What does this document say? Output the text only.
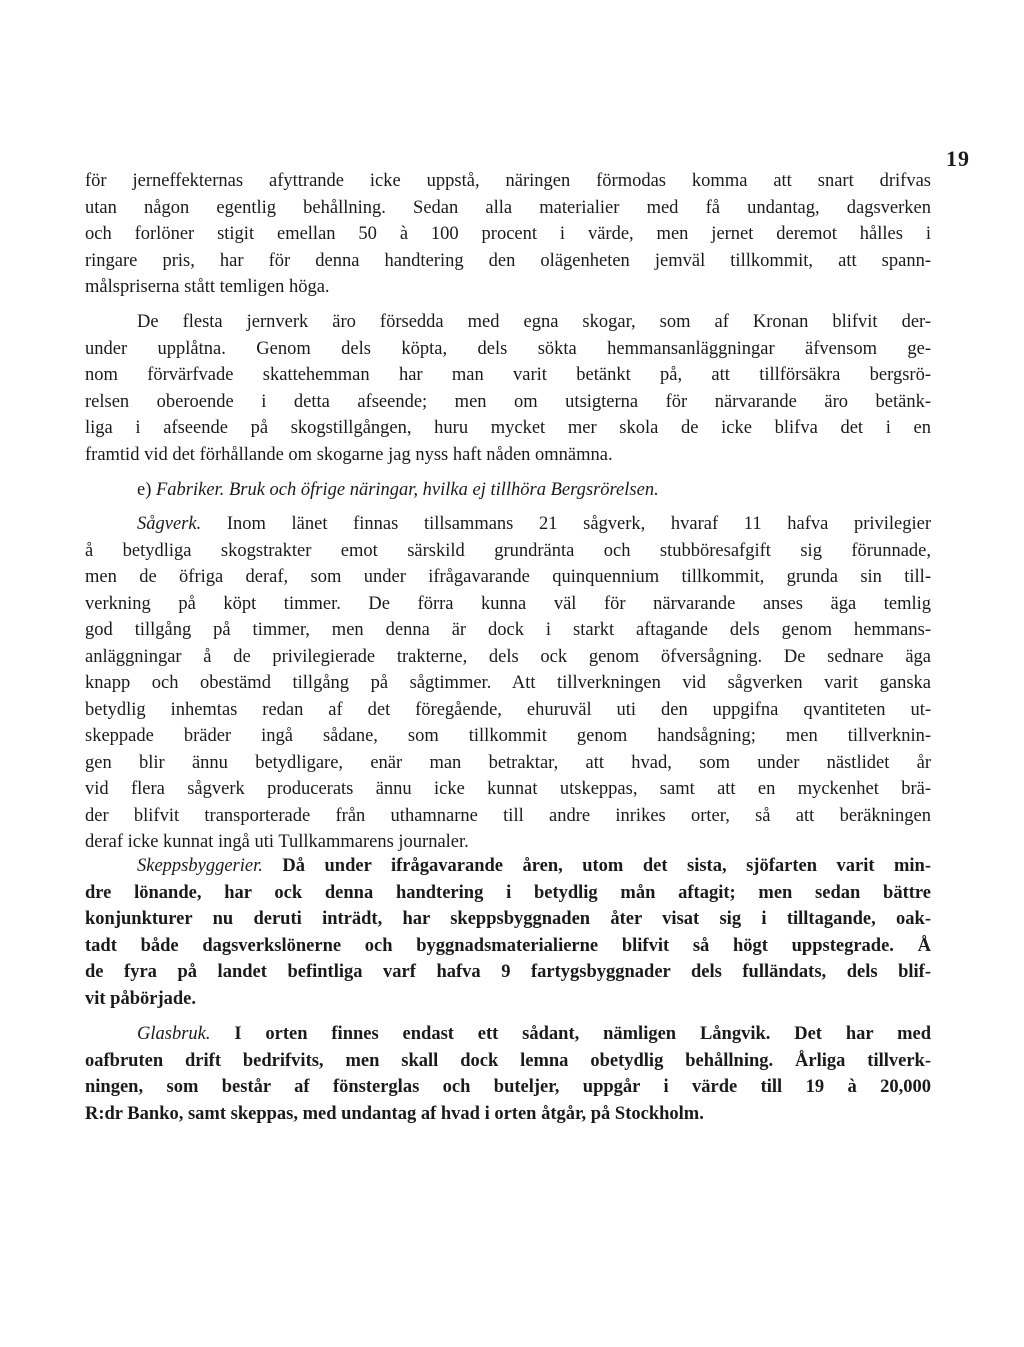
19
för jerneffekternas afyttrande icke uppstå, näringen förmodas komma att snart drifvas
utan någon egentlig behållning. Sedan alla materialier med få undantag, dagsverken
och forlöner stigit emellan 50 à 100 procent i värde, men jernet deremot hålles i
ringare pris, har för denna handtering den olägenheten jemväl tillkommit, att spann-
målspriserna stått temligen höga.
De flesta jernverk äro försedda med egna skogar, som af Kronan blifvit der-
under upplåtna. Genom dels köpta, dels sökta hemmansanläggningar äfvensom ge-
nom förvärfvade skattehemman har man varit betänkt på, att tillförsäkra bergsrö-
relsen oberoende i detta afseende; men om utsigterna för närvarande äro betänk-
liga i afseende på skogstillgången, huru mycket mer skola de icke blifva det i en
framtid vid det förhållande om skogarne jag nyss haft nåden omnämna.
e) Fabriker. Bruk och öfrige näringar, hvilka ej tillhöra Bergsrörelsen.
Sågverk. Inom länet finnas tillsammans 21 sågverk, hvaraf 11 hafva privilegier
å betydliga skogstrakter emot särskild grundränta och stubböresafgift sig förunnade,
men de öfriga deraf, som under ifrågavarande quinquennium tillkommit, grunda sin till-
verkning på köpt timmer. De förra kunna väl för närvarande anses äga temlig
god tillgång på timmer, men denna är dock i starkt aftagande dels genom hemmans-
anläggningar å de privilegierade trakterne, dels ock genom öfversågning. De sednare äga
knapp och obestämd tillgång på sågtimmer. Att tillverkningen vid sågverken varit ganska
betydlig inhemtas redan af det föregående, ehuruväl uti den uppgifna qvantiteten ut-
skeppade bräder ingå sådane, som tillkommit genom handsågning; men tillverknin-
gen blir ännu betydligare, enär man betraktar, att hvad, som under nästlidet år
vid flera sågverk producerats ännu icke kunnat utskeppas, samt att en myckenhet brä-
der blifvit transporterade från uthamnarne till andre inrikes orter, så att beräkningen
deraf icke kunnat ingå uti Tullkammarens journaler.
Skeppsbyggerier. Då under ifrågavarande åren, utom det sista, sjöfarten varit min-
dre lönande, har ock denna handtering i betydlig mån aftagit; men sedan bättre
konjunkturer nu deruti inträdt, har skeppsbyggnaden åter visat sig i tilltagande, oak-
tadt både dagsverkslönerne och byggnadsmaterialierne blifvit så högt uppstegrade. Å
de fyra på landet befintliga varf hafva 9 fartygsbyggnader dels fulländats, dels blif-
vit påbörjade.
Glasbruk. I orten finnes endast ett sådant, nämligen Långvik. Det har med
oafbruten drift bedrifvits, men skall dock lemna obetydlig behållning. Årliga tillverk-
ningen, som består af fönsterglas och buteljer, uppgår i värde till 19 à 20,000
R:dr Banko, samt skeppas, med undantag af hvad i orten åtgår, på Stockholm.
